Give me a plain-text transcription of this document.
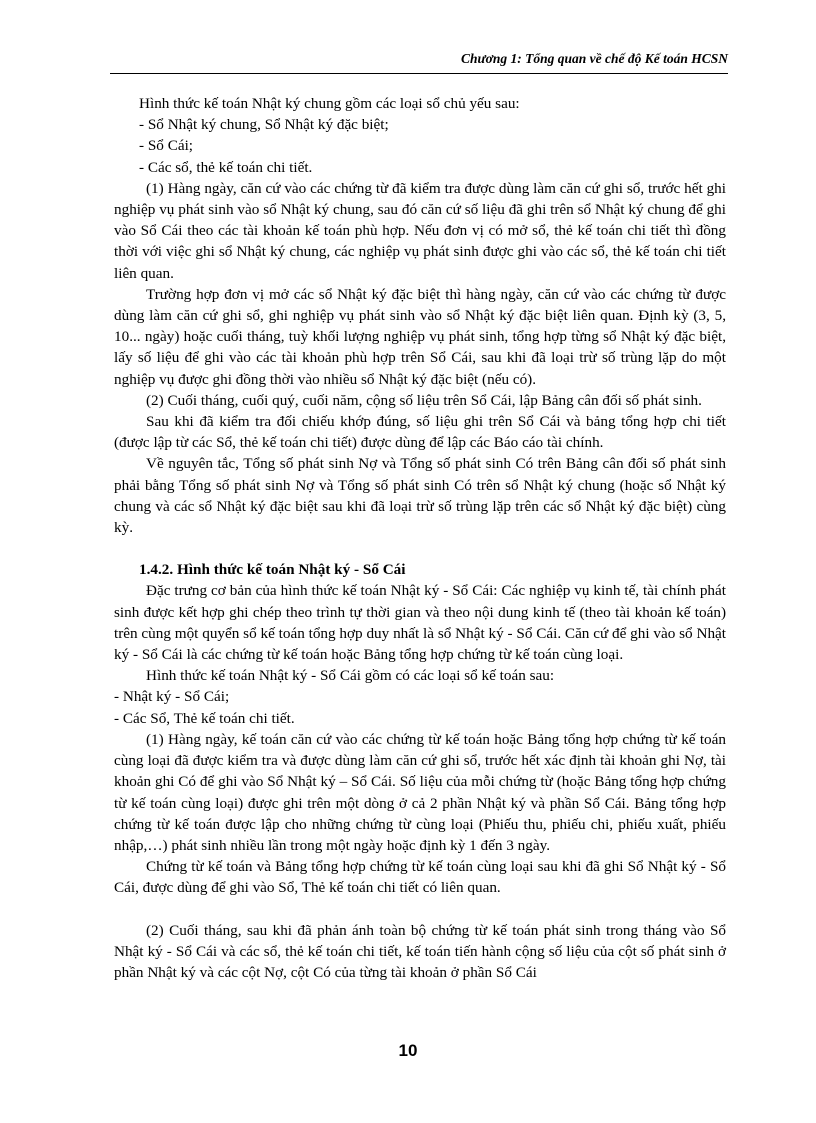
Chương 1: Tổng quan về chế độ Kế toán HCSN

Hình thức kế toán Nhật ký chung gồm các loại sổ chủ yếu sau:

- Sổ Nhật ký chung, Sổ Nhật ký đặc biệt;

- Sổ Cái;

- Các sổ, thẻ kế toán chi tiết.

(1) Hàng ngày, căn cứ vào các chứng từ đã kiểm tra được dùng làm căn cứ ghi sổ, trước hết ghi nghiệp vụ phát sinh vào sổ Nhật ký chung, sau đó căn cứ số liệu đã ghi trên sổ Nhật ký chung để ghi vào Sổ Cái theo các tài khoản kế toán phù hợp. Nếu đơn vị có mở sổ, thẻ kế toán chi tiết thì đồng thời với việc ghi sổ Nhật ký chung, các nghiệp vụ phát sinh được ghi vào các sổ, thẻ kế toán chi tiết liên quan.

Trường hợp đơn vị mở các sổ Nhật ký đặc biệt thì hàng ngày, căn cứ vào các chứng từ được dùng làm căn cứ ghi sổ, ghi nghiệp vụ phát sinh vào sổ Nhật ký đặc biệt liên quan. Định kỳ (3, 5, 10... ngày) hoặc cuối tháng, tuỳ khối lượng nghiệp vụ phát sinh, tổng hợp từng sổ Nhật ký đặc biệt, lấy số liệu để ghi vào các tài khoản phù hợp trên Sổ Cái, sau khi đã loại trừ số trùng lặp do một nghiệp vụ được ghi đồng thời vào nhiều sổ Nhật ký đặc biệt (nếu có).

(2) Cuối tháng, cuối quý, cuối năm, cộng số liệu trên Sổ Cái, lập Bảng cân đối số phát sinh.

Sau khi đã kiểm tra đối chiếu khớp đúng, số liệu ghi trên Sổ Cái và bảng tổng hợp chi tiết (được lập từ các Sổ, thẻ kế toán chi tiết) được dùng để lập các Báo cáo tài chính.

Về nguyên tắc, Tổng số phát sinh Nợ và Tổng số phát sinh Có trên Bảng cân đối số phát sinh phải bằng Tổng số phát sinh Nợ và Tổng số phát sinh Có trên sổ Nhật ký chung (hoặc sổ Nhật ký chung và các sổ Nhật ký đặc biệt sau khi đã loại trừ số trùng lặp trên các sổ Nhật ký đặc biệt) cùng kỳ.

1.4.2. Hình thức kế toán Nhật ký - Sổ Cái

Đặc trưng cơ bản của hình thức kế toán Nhật ký - Sổ Cái: Các nghiệp vụ kinh tế, tài chính phát sinh được kết hợp ghi chép theo trình tự thời gian và theo nội dung kinh tế (theo tài khoản kế toán) trên cùng một quyển sổ kế toán tổng hợp duy nhất là sổ Nhật ký - Sổ Cái. Căn cứ để ghi vào sổ Nhật ký - Sổ Cái là các chứng từ kế toán hoặc Bảng tổng hợp chứng từ kế toán cùng loại.

Hình thức kế toán Nhật ký - Sổ Cái gồm có các loại sổ kế toán sau:

- Nhật ký - Sổ Cái;

- Các Sổ, Thẻ kế toán chi tiết.

(1) Hàng ngày, kế toán căn cứ vào các chứng từ kế toán hoặc Bảng tổng hợp chứng từ kế toán cùng loại đã được kiểm tra và được dùng làm căn cứ ghi sổ, trước hết xác định tài khoản ghi Nợ, tài khoản ghi Có để ghi vào Sổ Nhật ký – Sổ Cái. Số liệu của mỗi chứng từ (hoặc Bảng tổng hợp chứng từ kế toán cùng loại) được ghi trên một dòng ở cả 2 phần Nhật ký và phần Sổ Cái. Bảng tổng hợp chứng từ kế toán được lập cho những chứng từ cùng loại (Phiếu thu, phiếu chi, phiếu xuất, phiếu nhập,…) phát sinh nhiều lần trong một ngày hoặc định kỳ 1 đến 3 ngày.

Chứng từ kế toán và Bảng tổng hợp chứng từ kế toán cùng loại sau khi đã ghi Sổ Nhật ký - Sổ Cái, được dùng để ghi vào Sổ, Thẻ kế toán chi tiết có liên quan.

(2) Cuối tháng, sau khi đã phản ánh toàn bộ chứng từ kế toán phát sinh trong tháng vào Sổ Nhật ký - Sổ Cái và các sổ, thẻ kế toán chi tiết, kế toán tiến hành cộng số liệu của cột số phát sinh ở phần Nhật ký và các cột Nợ, cột Có của từng tài khoản ở phần Sổ Cái

10
